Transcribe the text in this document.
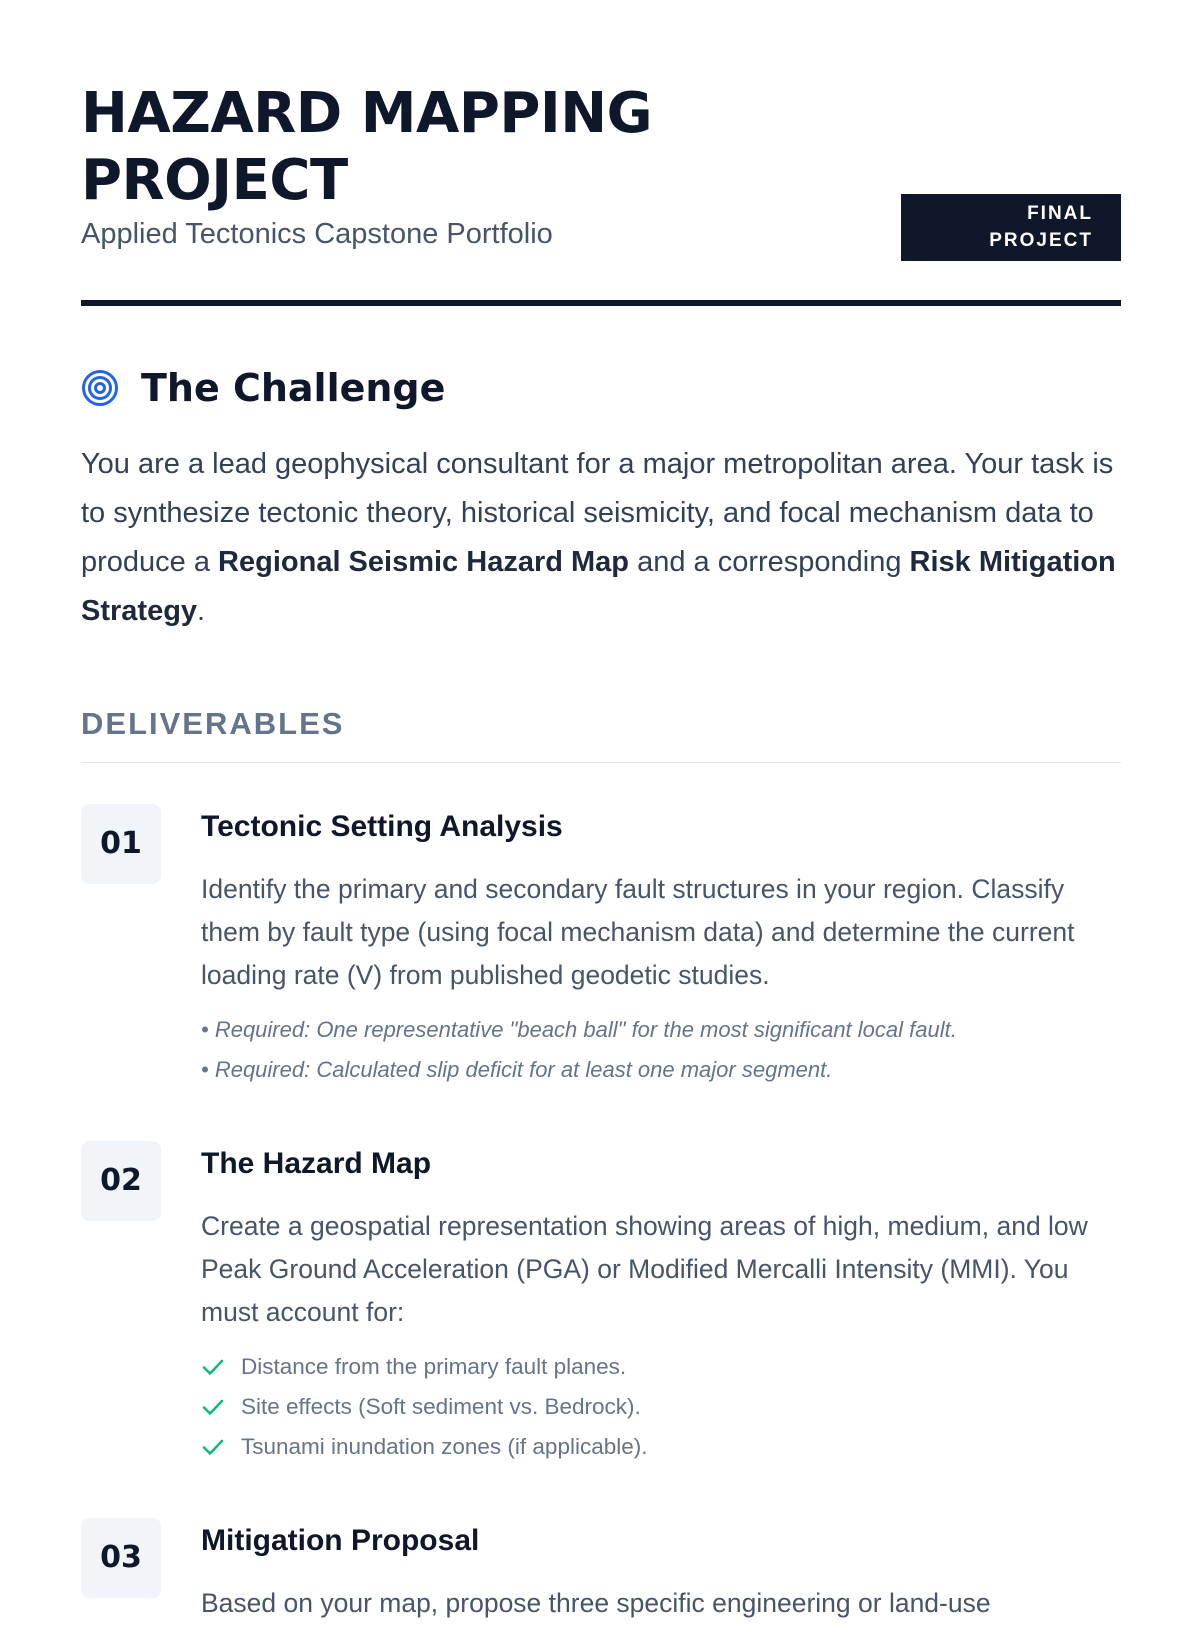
HAZARD MAPPING PROJECT

Applied Tectonics Capstone Portfolio

FINAL
PROJECT
The Challenge

You are a lead geophysical consultant for a major metropolitan area. Your task is to synthesize tectonic theory, historical seismicity, and focal mechanism data to produce a Regional Seismic Hazard Map and a corresponding Risk Mitigation Strategy.

DELIVERABLES
01	Tectonic Setting Analysis
Identify the primary and secondary fault structures in your region. Classify them by fault type (using focal mechanism data) and determine the current loading rate (V) from published geodetic studies.
• Required: One representative "beach ball" for the most significant local fault.
• Required: Calculated slip deficit for at least one major segment.
02	The Hazard Map
Create a geospatial representation showing areas of high, medium, and low Peak Ground Acceleration (PGA) or Modified Mercalli Intensity (MMI). You must account for:
Distance from the primary fault planes.
Site effects (Soft sediment vs. Bedrock).
Tsunami inundation zones (if applicable).
03	Mitigation Proposal
Based on your map, propose three specific engineering or land-use
